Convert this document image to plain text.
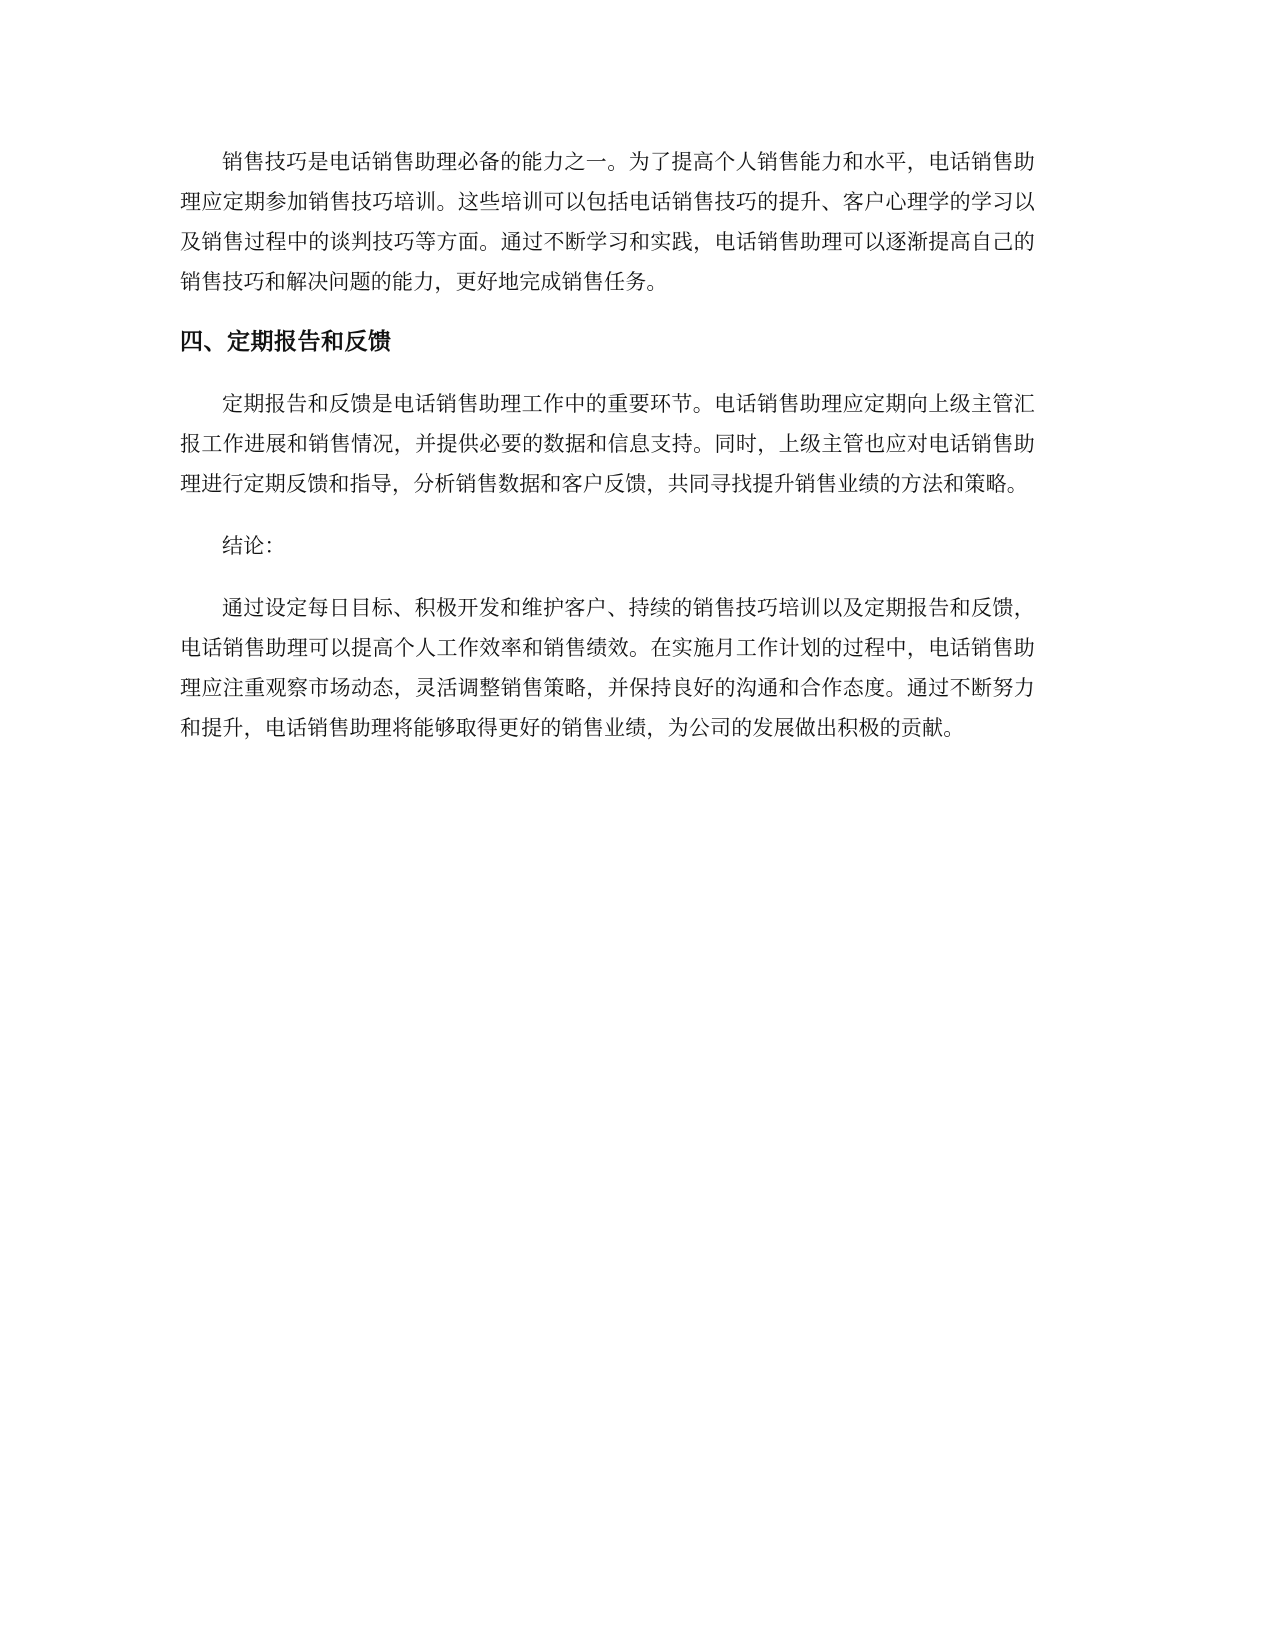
销售技巧是电话销售助理必备的能力之一。为了提高个人销售能力和水平，电话销售助理应定期参加销售技巧培训。这些培训可以包括电话销售技巧的提升、客户心理学的学习以及销售过程中的谈判技巧等方面。通过不断学习和实践，电话销售助理可以逐渐提高自己的销售技巧和解决问题的能力，更好地完成销售任务。

四、定期报告和反馈

定期报告和反馈是电话销售助理工作中的重要环节。电话销售助理应定期向上级主管汇报工作进展和销售情况，并提供必要的数据和信息支持。同时，上级主管也应对电话销售助理进行定期反馈和指导，分析销售数据和客户反馈，共同寻找提升销售业绩的方法和策略。

结论：

通过设定每日目标、积极开发和维护客户、持续的销售技巧培训以及定期报告和反馈，电话销售助理可以提高个人工作效率和销售绩效。在实施月工作计划的过程中，电话销售助理应注重观察市场动态，灵活调整销售策略，并保持良好的沟通和合作态度。通过不断努力和提升，电话销售助理将能够取得更好的销售业绩，为公司的发展做出积极的贡献。
